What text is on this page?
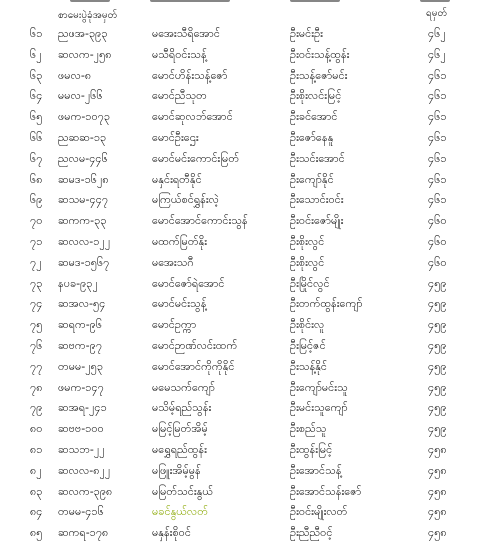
စာမေးပွဲခုံအမှတ်	ရမှတ်
၆၁ ညဖအ-၃၉၃	မအေးသီရိအောင်	ဦးမင်းဦး	၄၆၂
၆၂ ဆလက-၂၅၈	မသီရိဝင်းသန့်	ဦးဝင်းသန့်ထွန်း	၄၆၂
၆၃ ဖမလ-၈	မောင်ဟိန်းသန့်ဇော်	ဦးသန့်ဇော်မင်း	၄၆၁
၆၄ မမလ-၂၆၆	မောင်ညီသုတ	ဦးစိုးလင်းမြင့်	၄၆၁
၆၅ ဖမက-၁၀၇၃	မောင်ဆုလဘ်အောင်	ဦးခင်အောင်	၄၆၁
၆၆ ညဆဆ-၁၃	မောင်ဦးဌေး	ဦးဇော်နေနူ	၄၆၁
၆၇ ညလမ-၄၄၆	မောင်မင်းကောင်းမြတ်	ဦးသင်းအောင်	၄၆၁
၆၈ ဆမဒ-၁၆၂၈	မနှင်းရတီနိုင်	ဦးကျော်နိုင်	၄၆၁
၆၉ ဆသမ-၄၄၇	မကြယ်စင်ရွှန်းလဲ့	ဦးသောင်းဝင်း	၄၆၁
၇၀ ဆကက-၃၃	မောင်အောင်ကောင်းသွန်	ဦးဝင်းဇော်မျိုး	၄၆၀
၇၁ ဆလလ-၁၂၂	မထက်မြတ်နိုး	ဦးစိုးလွင်	၄၆၀
၇၂ ဆမဒ-၁၅၆၇	မအေးသဂီ	ဦးစိုးလွင်	၄၆၀
၇၃ နပခ-၉၃၂	မောင်ဇော်ရဲအောင်	ဦးမြိုင်လွင်	၄၅၉
၇၄ ဆအလ-၅၄	မောင်မင်းသွန့်	ဦးတက်ထွန်းကျော်	၄၅၉
၇၅ ဆရက-၉၆	မောင်ဥက္ကာ	ဦးစိုင်းလူ	၄၅၉
၇၆ ဆဗက-၉၇	မောင်ဉာဏ်လင်းထက်	ဦးမြင့်ဇင်	၄၅၉
၇၇ တမမ-၂၅၃	မောင်အောင်ကိုကိုနိုင်	ဦးသန့်နိုင်	၄၅၉
၇၈ ဖမက-၁၄၇	မမေသက်ကျော်	ဦးကျော်မင်းသူ	၄၅၉
၇၉ ဆအရ-၂၄၁	မသိမ့်ရည်သွန်း	ဦးမင်းသူကျော်	၄၅၉
၈၀ ဆဗဗ-၁၀၀	မမြင့်မြတ်အိမ့်	ဦးစည်သူ	၄၅၉
၈၁ ဆသဘ-၂၂	မရွှေရည်ထွန်း	ဦးထွန်းမြင့်	၄၅၈
၈၂ ဆလလ-၈၂၂	မဖြူးအိမ့်မွန်	ဦးအောင်သန့်	၄၅၈
၈၃ ဆလက-၃၉၈	မမြတ်သင်းနွယ်	ဦးအောင်သန်းဇော်	၄၅၈
၈၄ တမမ-၄၁၆	မခင်နွယ်လတ်	ဦးဝင်းမျိုးလတ်	၄၅၈
၈၅ ဆကရ-၁၇၈	မနှန်းစိုဝင်	ဦးညီညီဝင့်	၄၅၈
